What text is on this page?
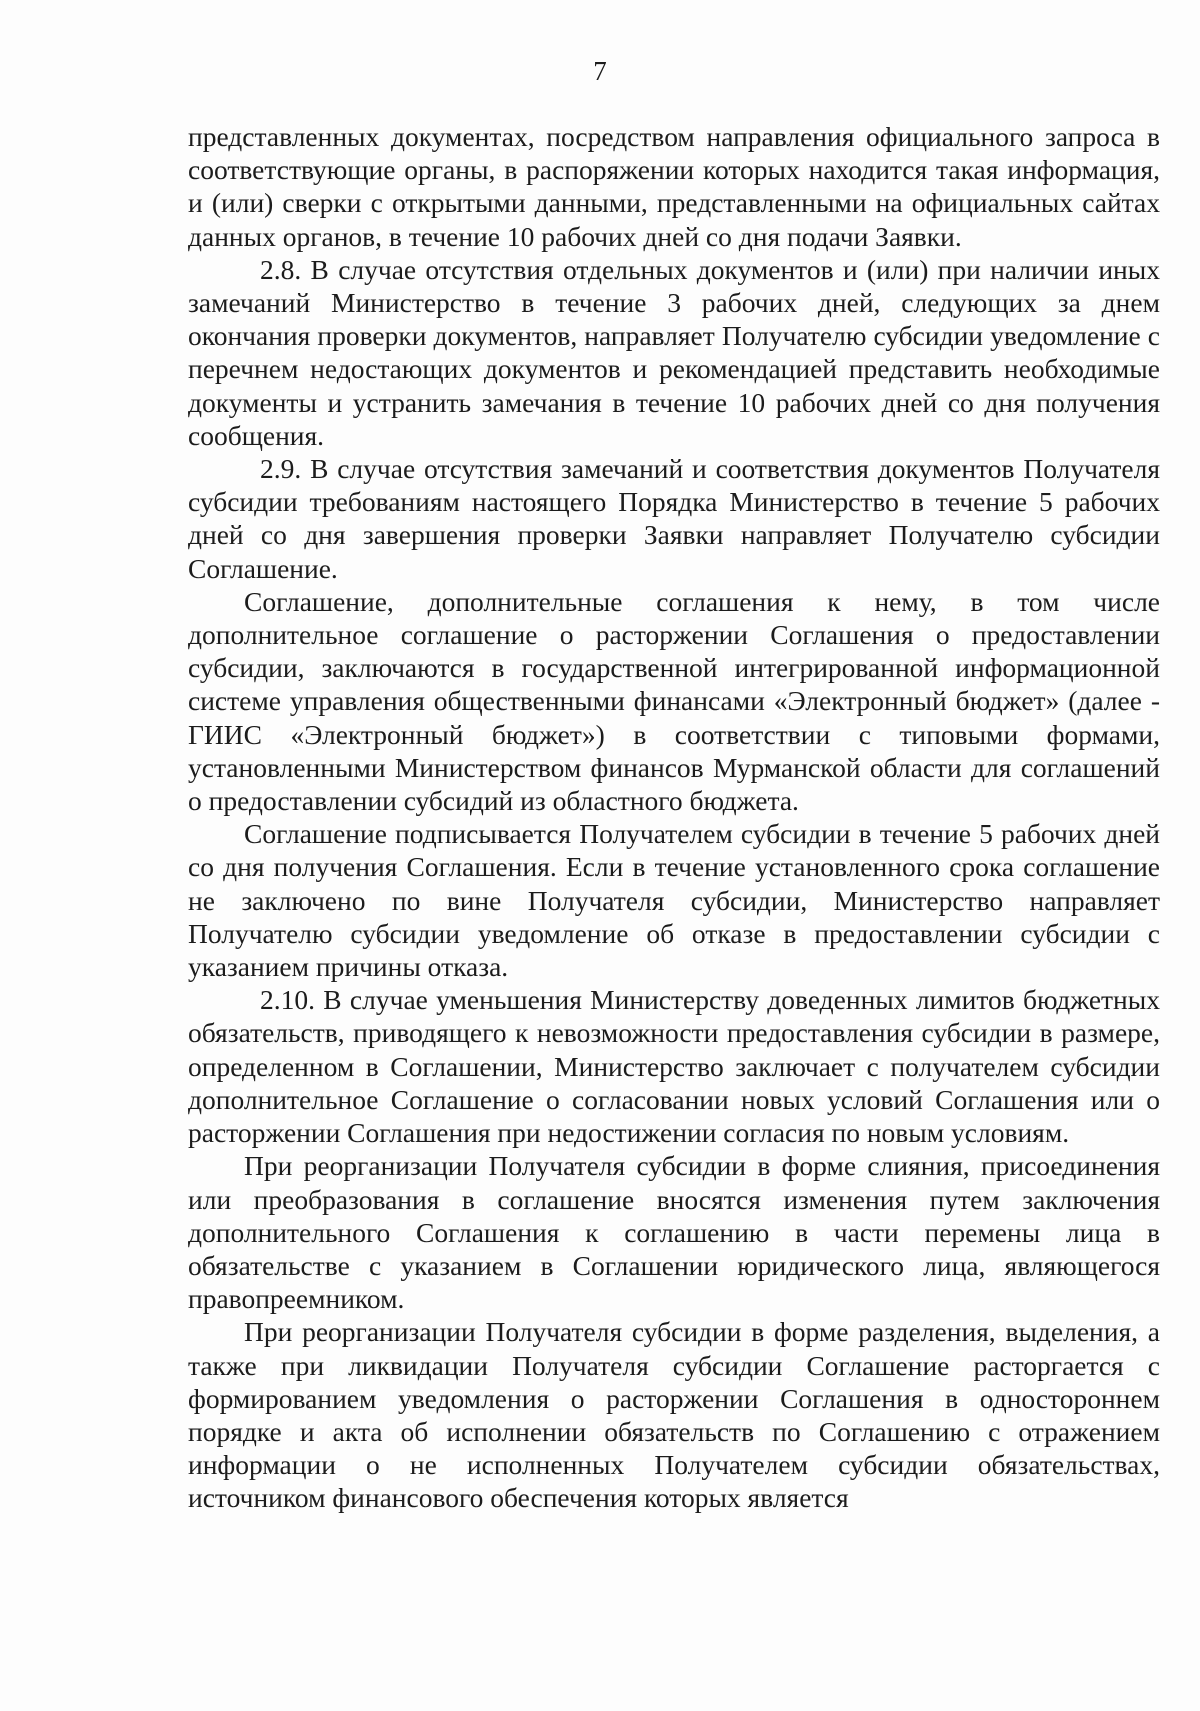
7

представленных документах, посредством направления официального запроса в соответствующие органы, в распоряжении которых находится такая информация, и (или) сверки с открытыми данными, представленными на официальных сайтах данных органов, в течение 10 рабочих дней со дня подачи Заявки.

2.8. В случае отсутствия отдельных документов и (или) при наличии иных замечаний Министерство в течение 3 рабочих дней, следующих за днем окончания проверки документов, направляет Получателю субсидии уведомление с перечнем недостающих документов и рекомендацией представить необходимые документы и устранить замечания в течение 10 рабочих дней со дня получения сообщения.

2.9. В случае отсутствия замечаний и соответствия документов Получателя субсидии требованиям настоящего Порядка Министерство в течение 5 рабочих дней со дня завершения проверки Заявки направляет Получателю субсидии Соглашение.

Соглашение, дополнительные соглашения к нему, в том числе дополнительное соглашение о расторжении Соглашения о предоставлении субсидии, заключаются в государственной интегрированной информационной системе управления общественными финансами «Электронный бюджет» (далее - ГИИС «Электронный бюджет») в соответствии с типовыми формами, установленными Министерством финансов Мурманской области для соглашений о предоставлении субсидий из областного бюджета.

Соглашение подписывается Получателем субсидии в течение 5 рабочих дней со дня получения Соглашения. Если в течение установленного срока соглашение не заключено по вине Получателя субсидии, Министерство направляет Получателю субсидии уведомление об отказе в предоставлении субсидии с указанием причины отказа.

2.10. В случае уменьшения Министерству доведенных лимитов бюджетных обязательств, приводящего к невозможности предоставления субсидии в размере, определенном в Соглашении, Министерство заключает с получателем субсидии дополнительное Соглашение о согласовании новых условий Соглашения или о расторжении Соглашения при недостижении согласия по новым условиям.

При реорганизации Получателя субсидии в форме слияния, присоединения или преобразования в соглашение вносятся изменения путем заключения дополнительного Соглашения к соглашению в части перемены лица в обязательстве с указанием в Соглашении юридического лица, являющегося правопреемником.

При реорганизации Получателя субсидии в форме разделения, выделения, а также при ликвидации Получателя субсидии Соглашение расторгается с формированием уведомления о расторжении Соглашения в одностороннем порядке и акта об исполнении обязательств по Соглашению с отражением информации о не исполненных Получателем субсидии обязательствах, источником финансового обеспечения которых является
